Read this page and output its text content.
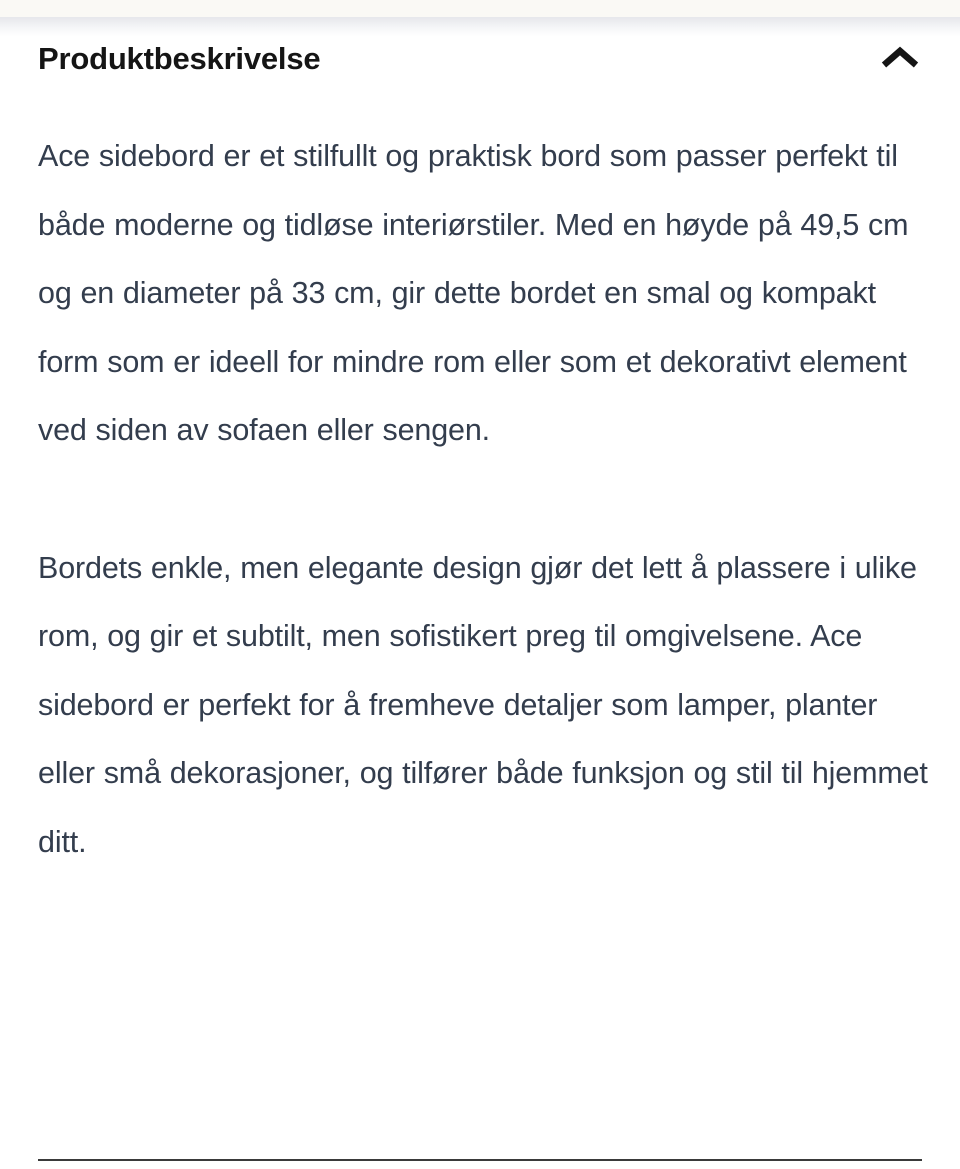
Produktbeskrivelse

Ace sidebord er et stilfullt og praktisk bord som passer perfekt til både moderne og tidløse interiørstiler. Med en høyde på 49,5 cm og en diameter på 33 cm, gir dette bordet en smal og kompakt form som er ideell for mindre rom eller som et dekorativt element ved siden av sofaen eller sengen.

Bordets enkle, men elegante design gjør det lett å plassere i ulike rom, og gir et subtilt, men sofistikert preg til omgivelsene. Ace sidebord er perfekt for å fremheve detaljer som lamper, planter eller små dekorasjoner, og tilfører både funksjon og stil til hjemmet ditt.
